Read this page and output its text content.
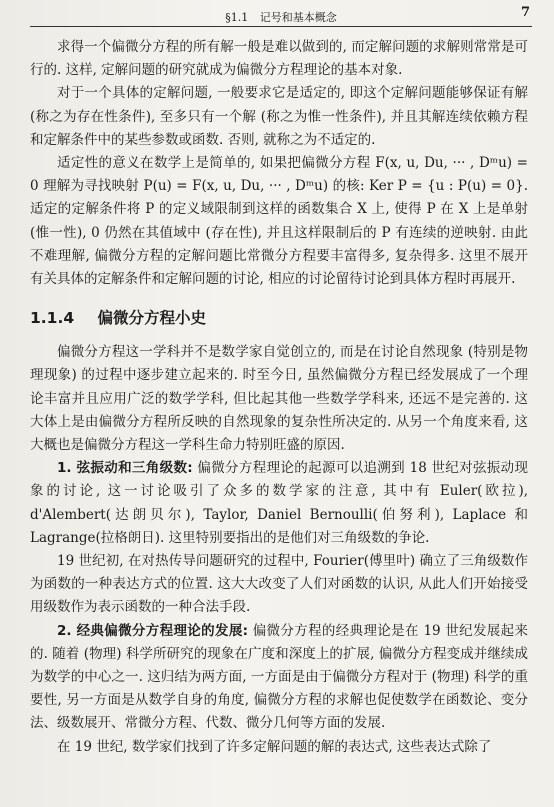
§1.1 记号和基本概念	7

求得一个偏微分方程的所有解一般是难以做到的, 而定解问题的求解则常常是可行的. 这样, 定解问题的研究就成为偏微分方程理论的基本对象.

对于一个具体的定解问题, 一般要求它是适定的, 即这个定解问题能够保证有解 (称之为存在性条件), 至多只有一个解 (称之为惟一性条件), 并且其解连续依赖方程和定解条件中的某些参数或函数. 否则, 就称之为不适定的.

适定性的意义在数学上是简单的, 如果把偏微分方程 F(x, u, Du, ··· , Dᵐu) = 0 理解为寻找映射 P(u) = F(x, u, Du, ··· , Dᵐu) 的核: Ker P = {u : P(u) = 0}. 适定的定解条件将 P 的定义域限制到这样的函数集合 X 上, 使得 P 在 X 上是单射 (惟一性), 0 仍然在其值域中 (存在性), 并且这样限制后的 P 有连续的逆映射. 由此不难理解, 偏微分方程的定解问题比常微分方程要丰富得多, 复杂得多. 这里不展开有关具体的定解条件和定解问题的讨论, 相应的讨论留待讨论到具体方程时再展开.

1.1.4 偏微分方程小史

偏微分方程这一学科并不是数学家自觉创立的, 而是在讨论自然现象 (特别是物理现象) 的过程中逐步建立起来的. 时至今日, 虽然偏微分方程已经发展成了一个理论丰富并且应用广泛的数学学科, 但比起其他一些数学学科来, 还远不是完善的. 这大体上是由偏微分方程所反映的自然现象的复杂性所决定的. 从另一个角度来看, 这大概也是偏微分方程这一学科生命力特别旺盛的原因.

1. 弦振动和三角级数: 偏微分方程理论的起源可以追溯到 18 世纪对弦振动现象的讨论, 这一讨论吸引了众多的数学家的注意, 其中有 Euler(欧拉), d'Alembert(达朗贝尔), Taylor, Daniel Bernoulli(伯努利), Laplace 和 Lagrange(拉格朗日). 这里特别要指出的是他们对三角级数的争论.

19 世纪初, 在对热传导问题研究的过程中, Fourier(傅里叶) 确立了三角级数作为函数的一种表达方式的位置. 这大大改变了人们对函数的认识, 从此人们开始接受用级数作为表示函数的一种合法手段.

2. 经典偏微分方程理论的发展: 偏微分方程的经典理论是在 19 世纪发展起来的. 随着 (物理) 科学所研究的现象在广度和深度上的扩展, 偏微分方程变成并继续成为数学的中心之一. 这归结为两方面, 一方面是由于偏微分方程对于 (物理) 科学的重要性, 另一方面是从数学自身的角度, 偏微分方程的求解也促使数学在函数论、变分法、级数展开、常微分方程、代数、微分几何等方面的发展.

在 19 世纪, 数学家们找到了许多定解问题的解的表达式, 这些表达式除了
